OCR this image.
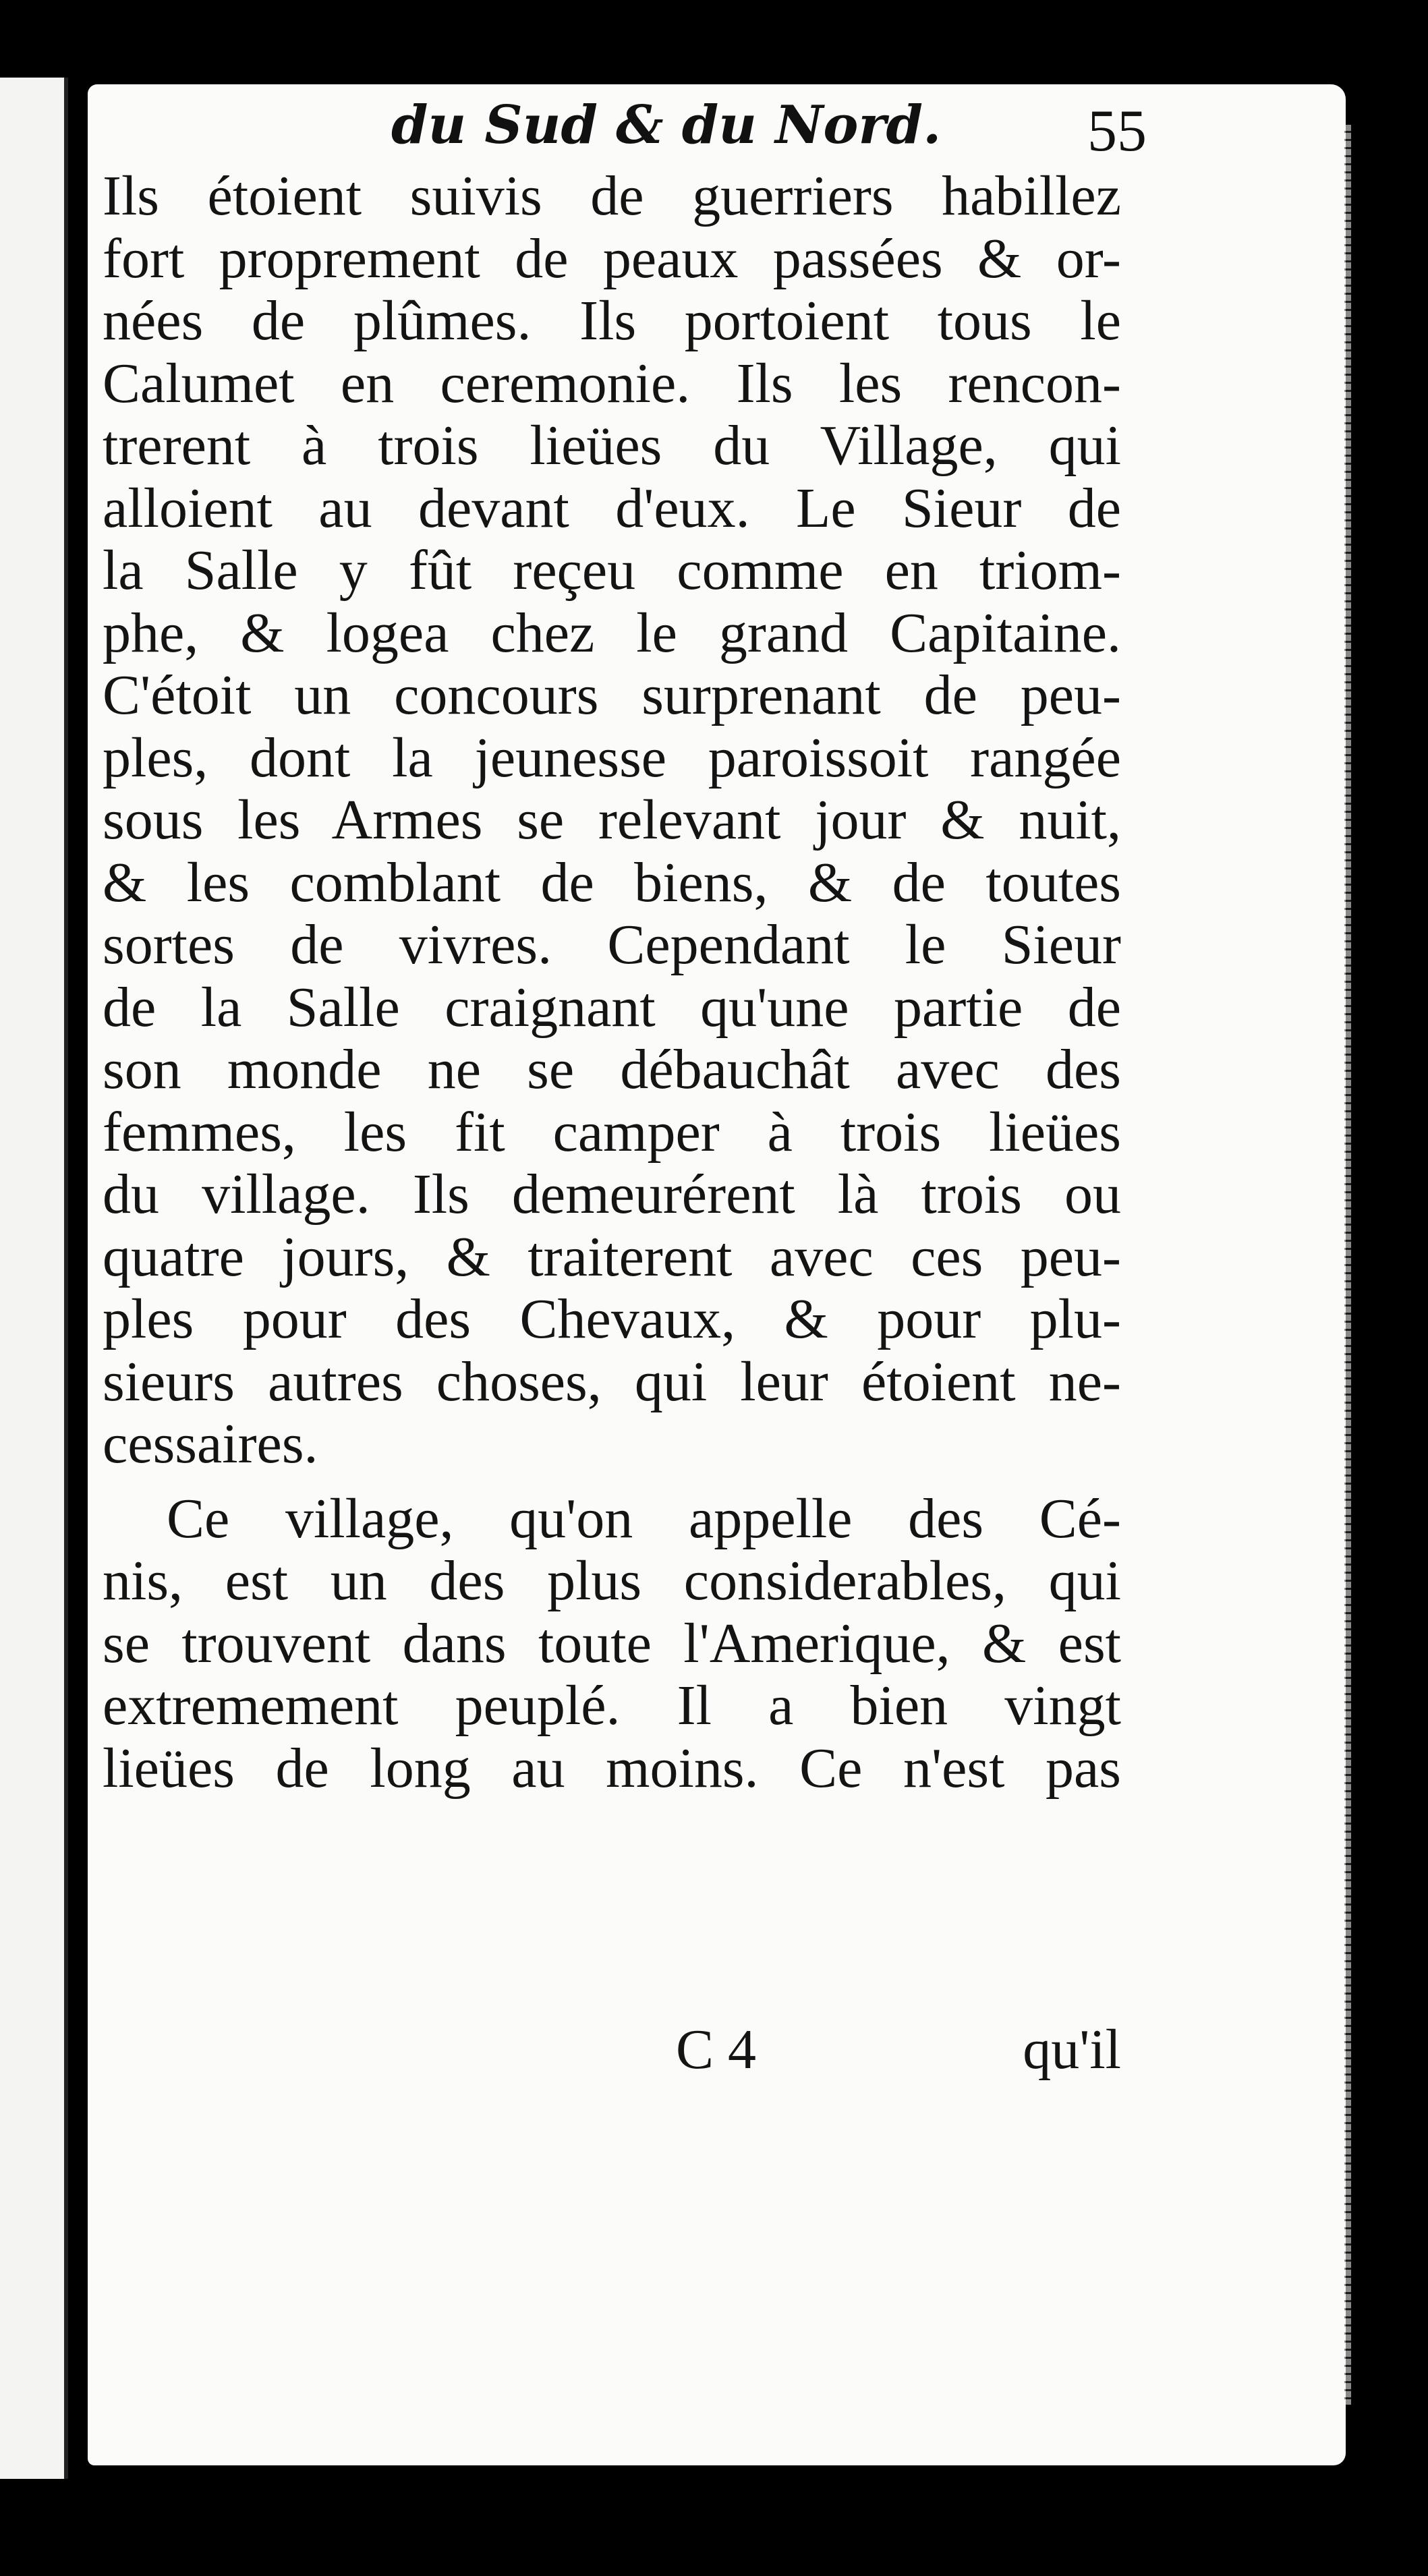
du Sud & du Nord. 55
Ils étoient suivis de guerriers habillez
fort proprement de peaux passées & or-
nées de plûmes. Ils portoient tous le
Calumet en ceremonie. Ils les rencon-
trerent à trois lieües du Village, qui
alloient au devant d'eux. Le Sieur de
la Salle y fût reçeu comme en triom-
phe, & logea chez le grand Capitaine.
C'étoit un concours surprenant de peu-
ples, dont la jeunesse paroissoit rangée
sous les Armes se relevant jour & nuit,
& les comblant de biens, & de toutes
sortes de vivres. Cependant le Sieur
de la Salle craignant qu'une partie de
son monde ne se débauchât avec des
femmes, les fit camper à trois lieües
du village. Ils demeurérent là trois ou
quatre jours, & traiterent avec ces peu-
ples pour des Chevaux, & pour plu-
sieurs autres choses, qui leur étoient ne-
cessaires.
Ce village, qu'on appelle des Cé-
nis, est un des plus considerables, qui
se trouvent dans toute l'Amerique, & est
extremement peuplé. Il a bien vingt
lieües de long au moins. Ce n'est pas
C 4	qu'il
